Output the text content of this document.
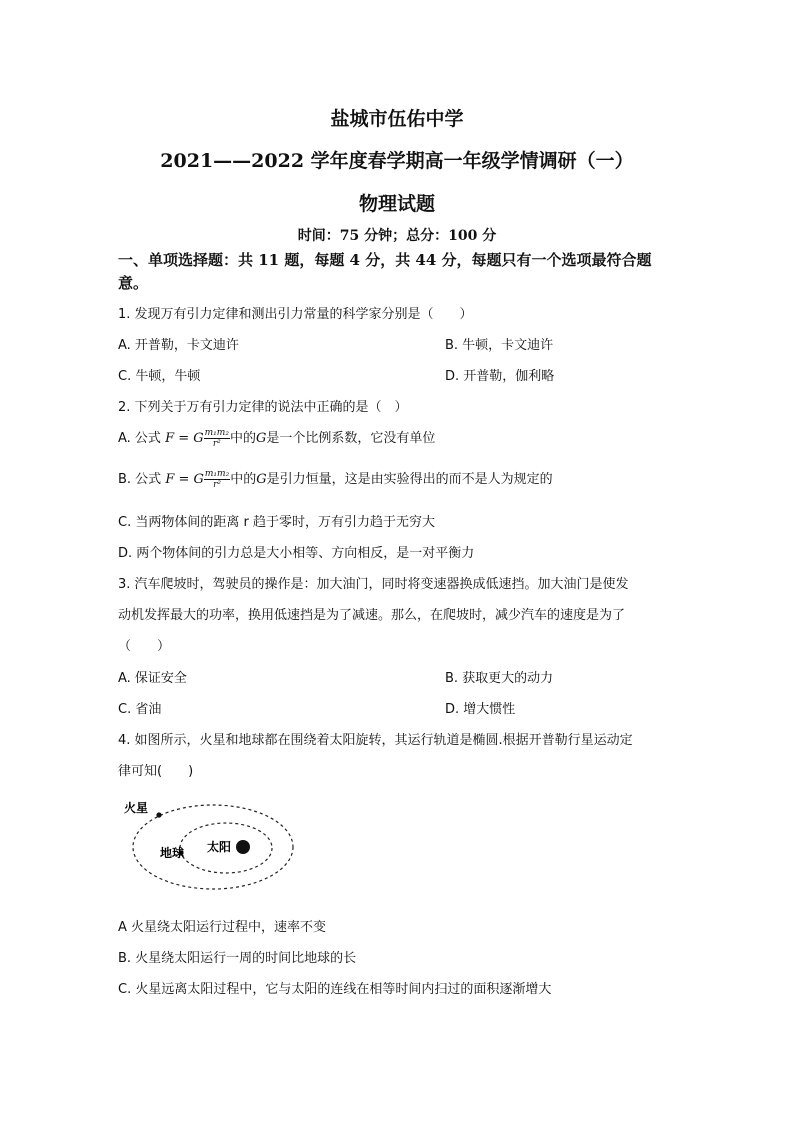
盐城市伍佑中学
2021——2022 学年度春学期高一年级学情调研（一）
物理试题
时间：75 分钟；总分：100 分
一、单项选择题：共 11 题，每题 4 分，共 44 分，每题只有一个选项最符合题意。
1. 发现万有引力定律和测出引力常量的科学家分别是（　　）
A. 开普勒，卡文迪许	B. 牛顿，卡文迪许
C. 牛顿，牛顿	D. 开普勒，伽利略
2. 下列关于万有引力定律的说法中正确的是（　）
A. 公式 F = G $\frac{\text{m₁m₂}}{\text{r²}}$ 中的G是一个比例系数，它没有单位
B. 公式 F = G $\frac{\text{m₁m₂}}{\text{r²}}$ 中的G是引力恒量，这是由实验得出的而不是人为规定的
C. 当两物体间的距离 r 趋于零时，万有引力趋于无穷大
D. 两个物体间的引力总是大小相等、方向相反，是一对平衡力
3. 汽车爬坡时，驾驶员的操作是：加大油门，同时将变速器换成低速挡。加大油门是使发
动机发挥最大的功率，换用低速挡是为了减速。那么，在爬坡时，减少汽车的速度是为了
（　　）
A. 保证安全	B. 获取更大的动力
C. 省油	D. 增大惯性
4. 如图所示，火星和地球都在围绕着太阳旋转，其运行轨道是椭圆.根据开普勒行星运动定
律可知(　　)
火星
地球 太阳
A 火星绕太阳运行过程中，速率不变
B. 火星绕太阳运行一周的时间比地球的长
C. 火星远离太阳过程中，它与太阳的连线在相等时间内扫过的面积逐渐增大
